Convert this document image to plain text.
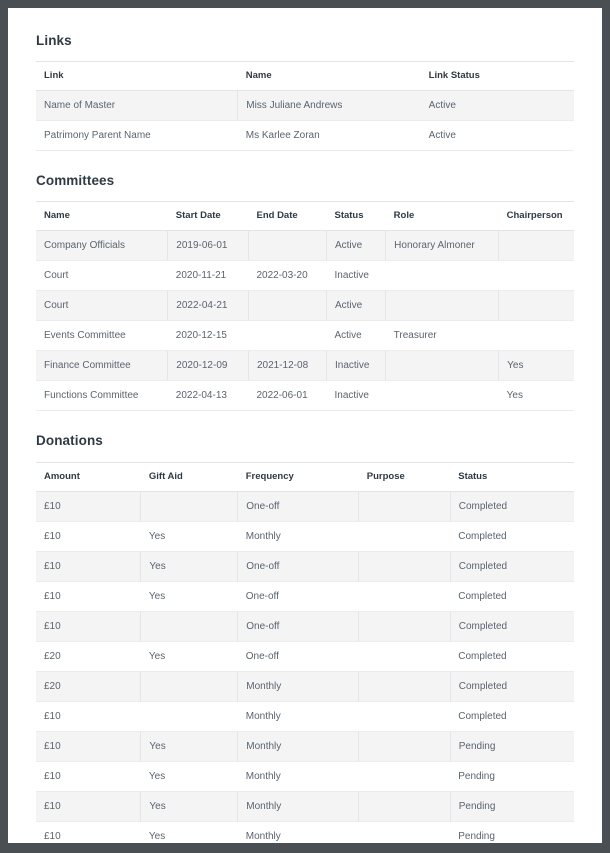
Links
Link	Name	Link Status
Name of Master	Miss Juliane Andrews	Active
Patrimony Parent Name	Ms Karlee Zoran	Active
Committees
Name	Start Date	End Date	Status	Role	Chairperson
Company Officials	2019-06-01		Active	Honorary Almoner	
Court	2020-11-21	2022-03-20	Inactive		
Court	2022-04-21		Active		
Events Committee	2020-12-15		Active	Treasurer	
Finance Committee	2020-12-09	2021-12-08	Inactive		Yes
Functions Committee	2022-04-13	2022-06-01	Inactive		Yes
Donations
Amount	Gift Aid	Frequency	Purpose	Status
£10		One-off		Completed
£10	Yes	Monthly		Completed
£10	Yes	One-off		Completed
£10	Yes	One-off		Completed
£10		One-off		Completed
£20	Yes	One-off		Completed
£20		Monthly		Completed
£10		Monthly		Completed
£10	Yes	Monthly		Pending
£10	Yes	Monthly		Pending
£10	Yes	Monthly		Pending
£10	Yes	Monthly		Pending
